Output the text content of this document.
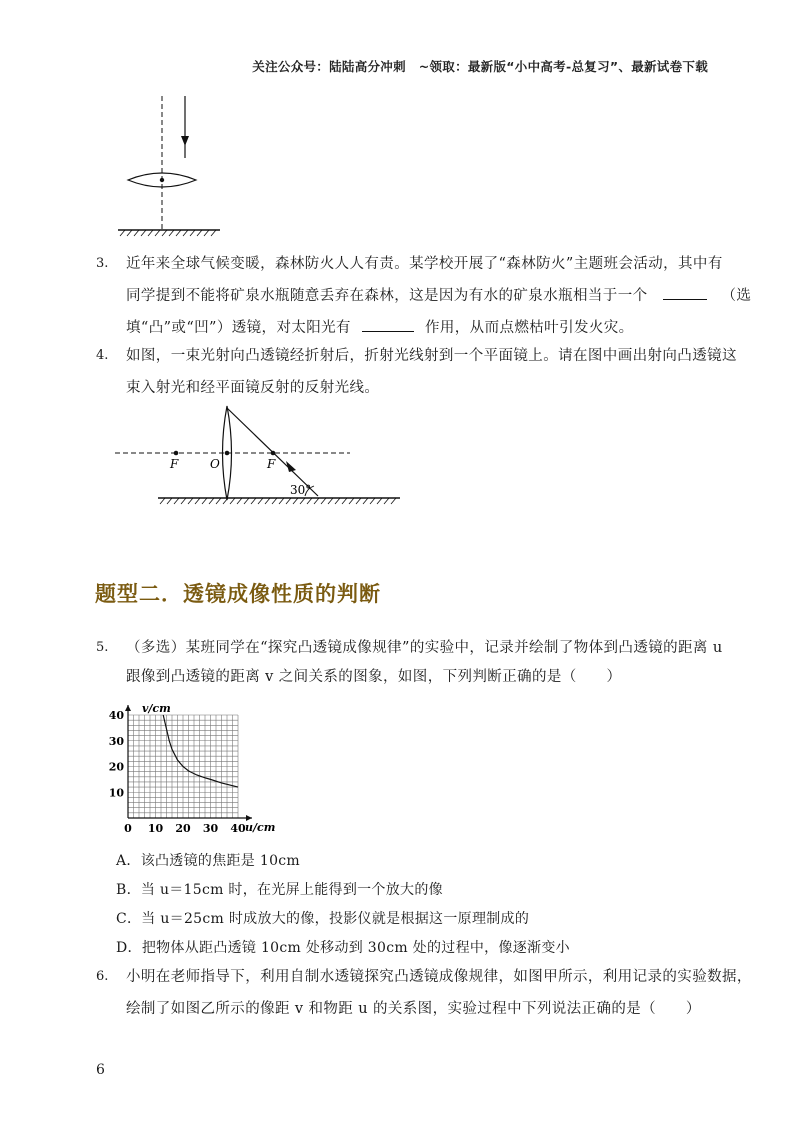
关注公众号：陆陆高分冲刺　~领取：最新版“小中高考-总复习”、最新试卷下载
3. 近年来全球气候变暖，森林防火人人有责。某学校开展了“森林防火”主题班会活动，其中有
同学提到不能将矿泉水瓶随意丢弃在森林，这是因为有水的矿泉水瓶相当于一个	（选
填“凸”或“凹”）透镜，对太阳光有	作用，从而点燃枯叶引发火灾。
4. 如图，一束光射向凸透镜经折射后，折射光线射到一个平面镜上。请在图中画出射向凸透镜这
束入射光和经平面镜反射的反射光线。
F	O	F
30°
题型二．透镜成像性质的判断
5. （多选）某班同学在“探究凸透镜成像规律”的实验中，记录并绘制了物体到凸透镜的距离 u
跟像到凸透镜的距离 v 之间关系的图象，如图，下列判断正确的是（　　）
0 10 20 30 40
10
20
30
40
v/cm
u/cm
A．该凸透镜的焦距是 10cm
B．当 u＝15cm 时，在光屏上能得到一个放大的像
C．当 u＝25cm 时成放大的像，投影仪就是根据这一原理制成的
D．把物体从距凸透镜 10cm 处移动到 30cm 处的过程中，像逐渐变小
6. 小明在老师指导下，利用自制水透镜探究凸透镜成像规律，如图甲所示，利用记录的实验数据，
绘制了如图乙所示的像距 v 和物距 u 的关系图，实验过程中下列说法正确的是（　　）
6
